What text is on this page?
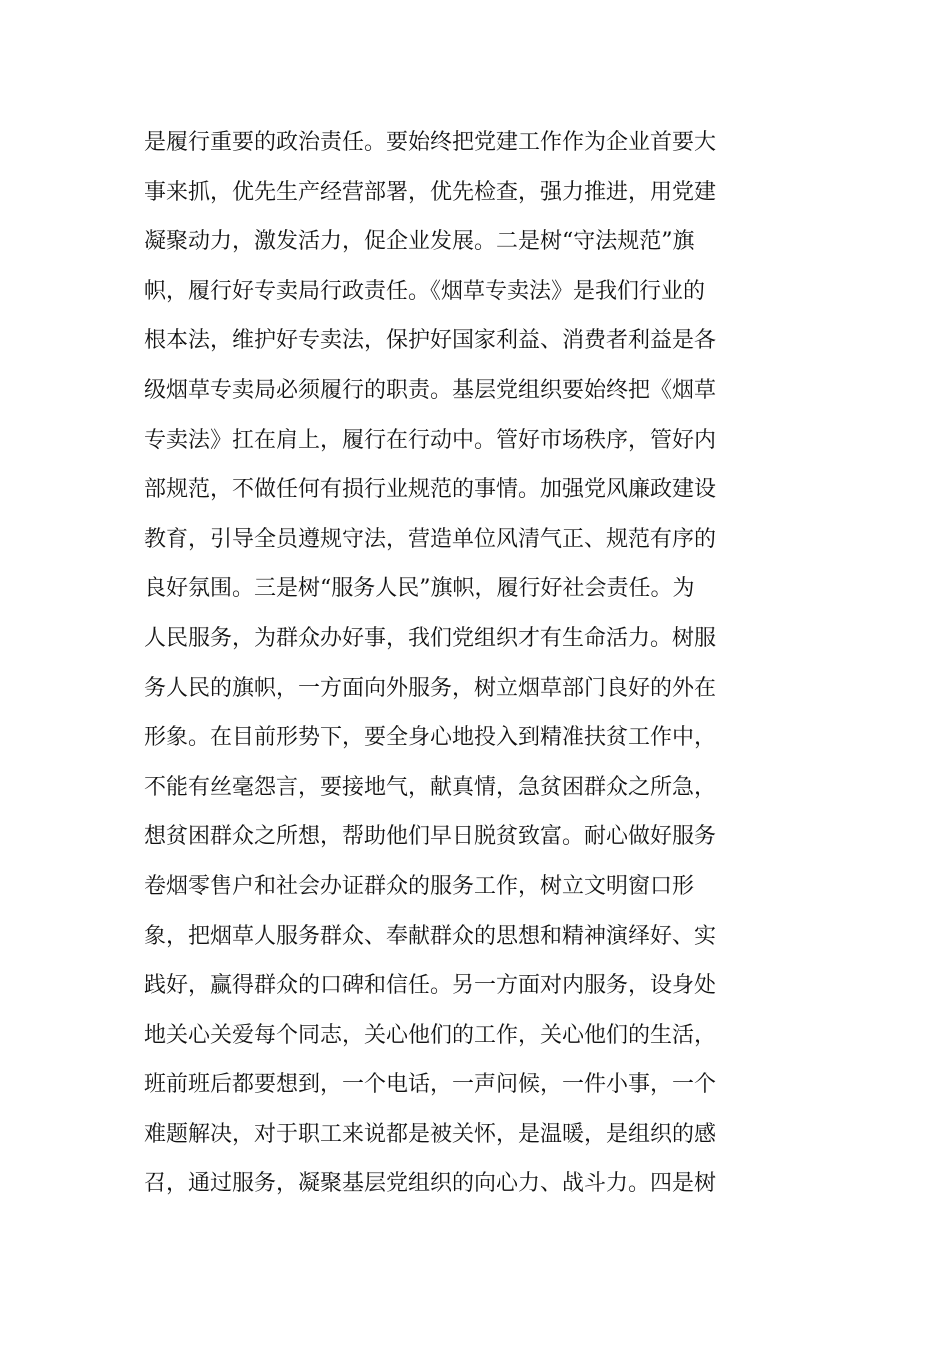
是履行重要的政治责任。要始终把党建工作作为企业首要大
事来抓，优先生产经营部署，优先检查，强力推进，用党建
凝聚动力，激发活力，促企业发展。二是树“守法规范”旗
帜，履行好专卖局行政责任。《烟草专卖法》是我们行业的
根本法，维护好专卖法，保护好国家利益、消费者利益是各
级烟草专卖局必须履行的职责。基层党组织要始终把《烟草
专卖法》扛在肩上，履行在行动中。管好市场秩序，管好内
部规范，不做任何有损行业规范的事情。加强党风廉政建设
教育，引导全员遵规守法，营造单位风清气正、规范有序的
良好氛围。三是树“服务人民”旗帜，履行好社会责任。为
人民服务，为群众办好事，我们党组织才有生命活力。树服
务人民的旗帜，一方面向外服务，树立烟草部门良好的外在
形象。在目前形势下，要全身心地投入到精准扶贫工作中，
不能有丝毫怨言，要接地气，献真情，急贫困群众之所急，
想贫困群众之所想，帮助他们早日脱贫致富。耐心做好服务
卷烟零售户和社会办证群众的服务工作，树立文明窗口形
象，把烟草人服务群众、奉献群众的思想和精神演绎好、实
践好，赢得群众的口碑和信任。另一方面对内服务，设身处
地关心关爱每个同志，关心他们的工作，关心他们的生活，
班前班后都要想到，一个电话，一声问候，一件小事，一个
难题解决，对于职工来说都是被关怀，是温暖，是组织的感
召，通过服务，凝聚基层党组织的向心力、战斗力。四是树
